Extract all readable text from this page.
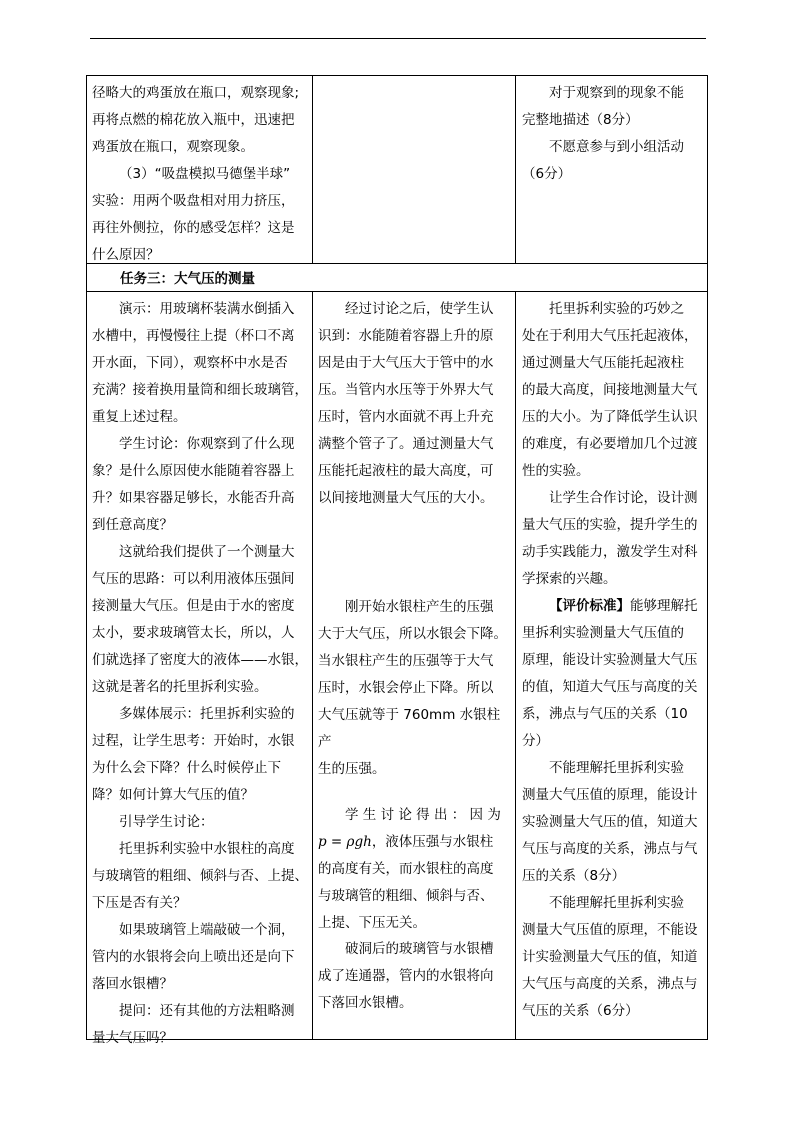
径略大的鸡蛋放在瓶口，观察现象;

再将点燃的棉花放入瓶中，迅速把

鸡蛋放在瓶口，观察现象。

（3）“吸盘模拟马德堡半球”

实验：用两个吸盘相对用力挤压，

再往外侧拉，你的感受怎样？这是

什么原因？

对于观察到的现象不能

完整地描述（8分）

不愿意参与到小组活动

（6分）

任务三：大气压的测量

演示：用玻璃杯装满水倒插入

水槽中，再慢慢往上提（杯口不离

开水面，下同），观察杯中水是否

充满？接着换用量筒和细长玻璃管，

重复上述过程。

学生讨论：你观察到了什么现

象？是什么原因使水能随着容器上

升？如果容器足够长，水能否升高

到任意高度？

这就给我们提供了一个测量大

气压的思路：可以利用液体压强间

接测量大气压。但是由于水的密度

太小，要求玻璃管太长，所以，人

们就选择了密度大的液体——水银，

这就是著名的托里拆利实验。

多媒体展示：托里拆利实验的

过程，让学生思考：开始时，水银

为什么会下降？什么时候停止下

降？如何计算大气压的值？

引导学生讨论：

托里拆利实验中水银柱的高度

与玻璃管的粗细、倾斜与否、上提、

下压是否有关？

如果玻璃管上端敲破一个洞，

管内的水银将会向上喷出还是向下

落回水银槽？

提问：还有其他的方法粗略测

量大气压吗？

经过讨论之后，使学生认

识到：水能随着容器上升的原

因是由于大气压大于管中的水

压。当管内水压等于外界大气

压时，管内水面就不再上升充

满整个管子了。通过测量大气

压能托起液柱的最大高度，可

以间接地测量大气压的大小。

刚开始水银柱产生的压强

大于大气压，所以水银会下降。

当水银柱产生的压强等于大气

压时，水银会停止下降。所以

大气压就等于 760mm 水银柱产

生的压强。

学 生 讨 论 得 出 ： 因 为

p = ρgh，液体压强与水银柱

的高度有关，而水银柱的高度

与玻璃管的粗细、倾斜与否、

上提、下压无关。

破洞后的玻璃管与水银槽

成了连通器，管内的水银将向

下落回水银槽。

托里拆利实验的巧妙之

处在于利用大气压托起液体，

通过测量大气压能托起液柱

的最大高度，间接地测量大气

压的大小。为了降低学生认识

的难度，有必要增加几个过渡

性的实验。

让学生合作讨论，设计测

量大气压的实验，提升学生的

动手实践能力，激发学生对科

学探索的兴趣。

【评价标准】能够理解托

里拆利实验测量大气压值的

原理，能设计实验测量大气压

的值，知道大气压与高度的关

系，沸点与气压的关系（10

分）

不能理解托里拆利实验

测量大气压值的原理，能设计

实验测量大气压的值，知道大

气压与高度的关系，沸点与气

压的关系（8分）

不能理解托里拆利实验

测量大气压值的原理，不能设

计实验测量大气压的值，知道

大气压与高度的关系，沸点与

气压的关系（6分）
